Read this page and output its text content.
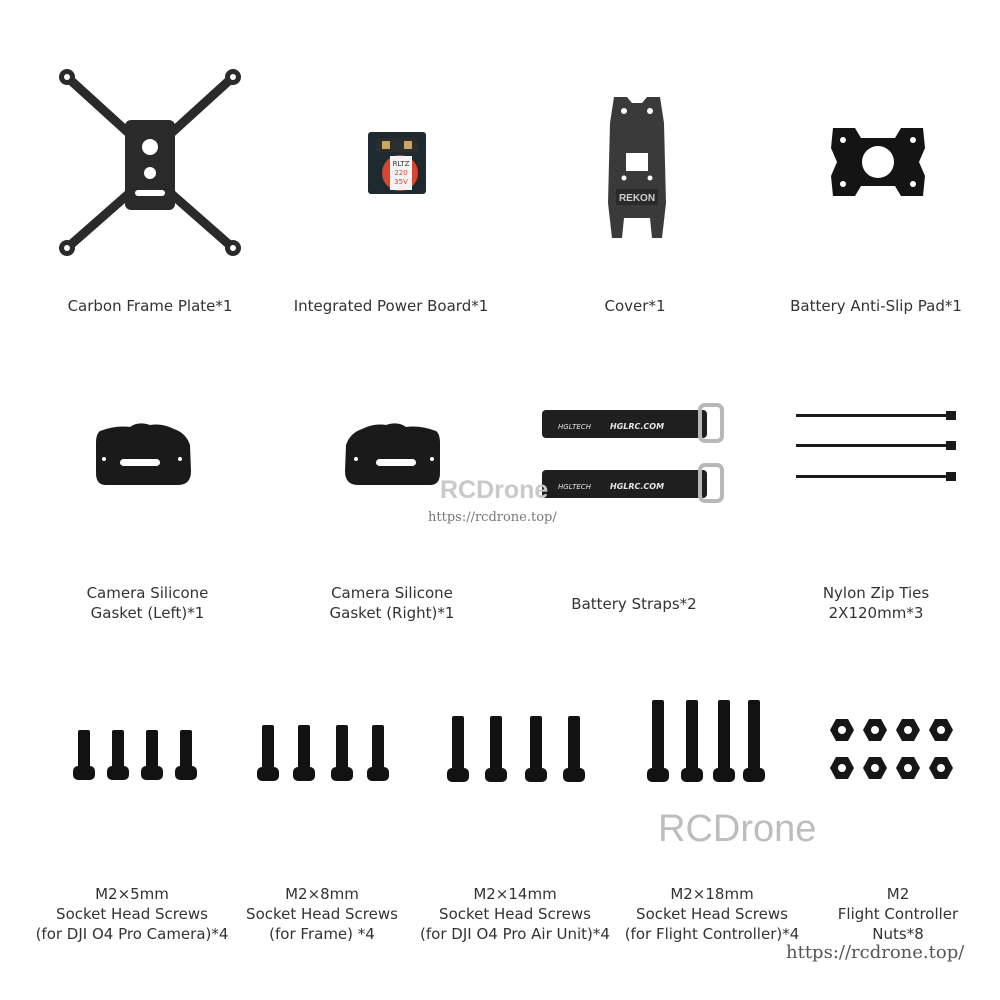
Carbon Frame Plate*1
RLTZ
220
35V
Integrated Power Board*1
REKON
Cover*1	Battery Anti-Slip Pad*1
Camera Silicone
Gasket (Left)*1
Camera Silicone
Gasket (Right)*1
HGLTECH HGLRC.COM
HGLTECH HGLRC.COM
Battery Straps*2
Nylon Zip Ties
2X120mm*3
RCDrone
https://rcdrone.top/
M2×5mm
Socket Head Screws
(for DJI O4 Pro Camera)*4
M2×8mm
Socket Head Screws
(for Frame) *4
M2×14mm
Socket Head Screws
(for DJI O4 Pro Air Unit)*4
M2×18mm
Socket Head Screws
(for Flight Controller)*4
M2
Flight Controller
Nuts*8
RCDrone
https://rcdrone.top/
